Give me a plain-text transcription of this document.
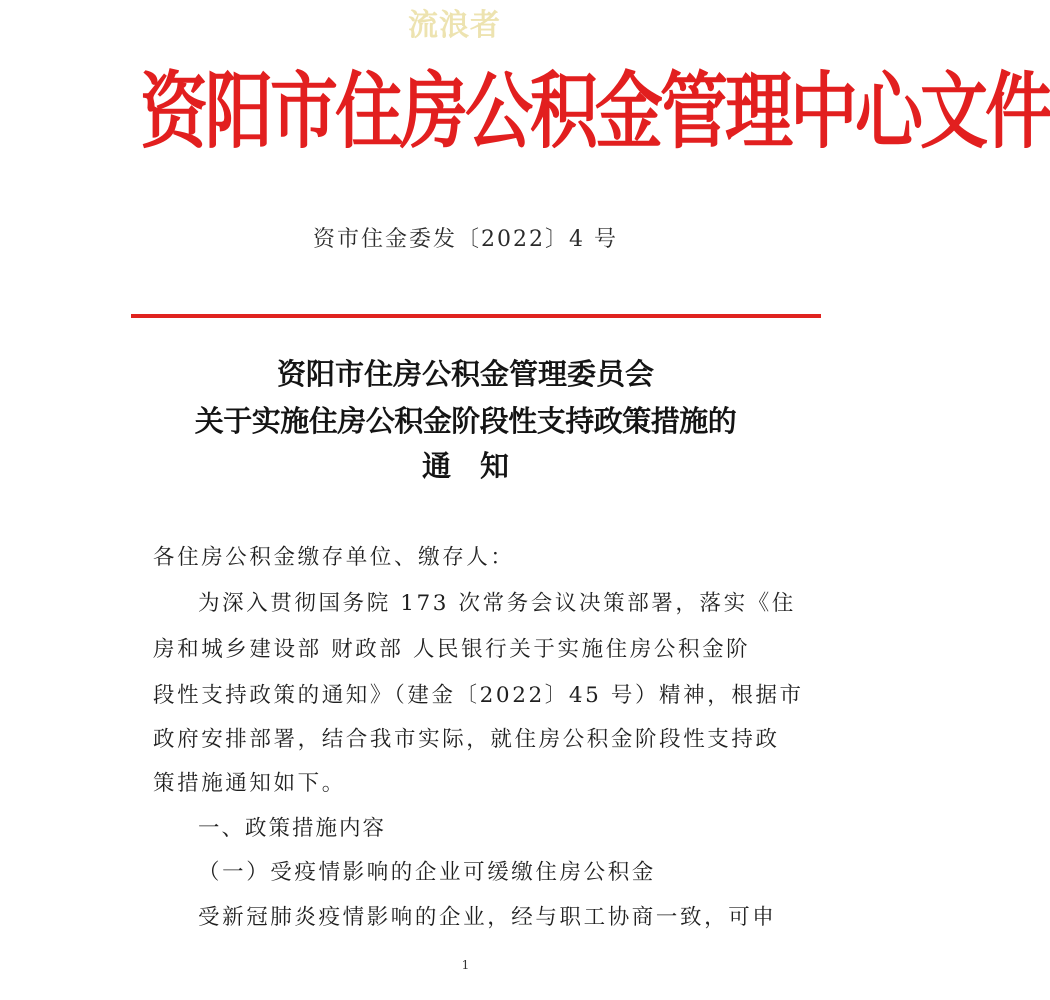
流浪者
资阳市住房公积金管理中心文件
资市住金委发〔2022〕4 号
资阳市住房公积金管理委员会
关于实施住房公积金阶段性支持政策措施的
通　知
各住房公积金缴存单位、缴存人：
为深入贯彻国务院 173 次常务会议决策部署，落实《住
房和城乡建设部 财政部 人民银行关于实施住房公积金阶
段性支持政策的通知》（建金〔2022〕45 号）精神，根据市
政府安排部署，结合我市实际，就住房公积金阶段性支持政
策措施通知如下。
一、政策措施内容
（一）受疫情影响的企业可缓缴住房公积金
受新冠肺炎疫情影响的企业，经与职工协商一致，可申
1
